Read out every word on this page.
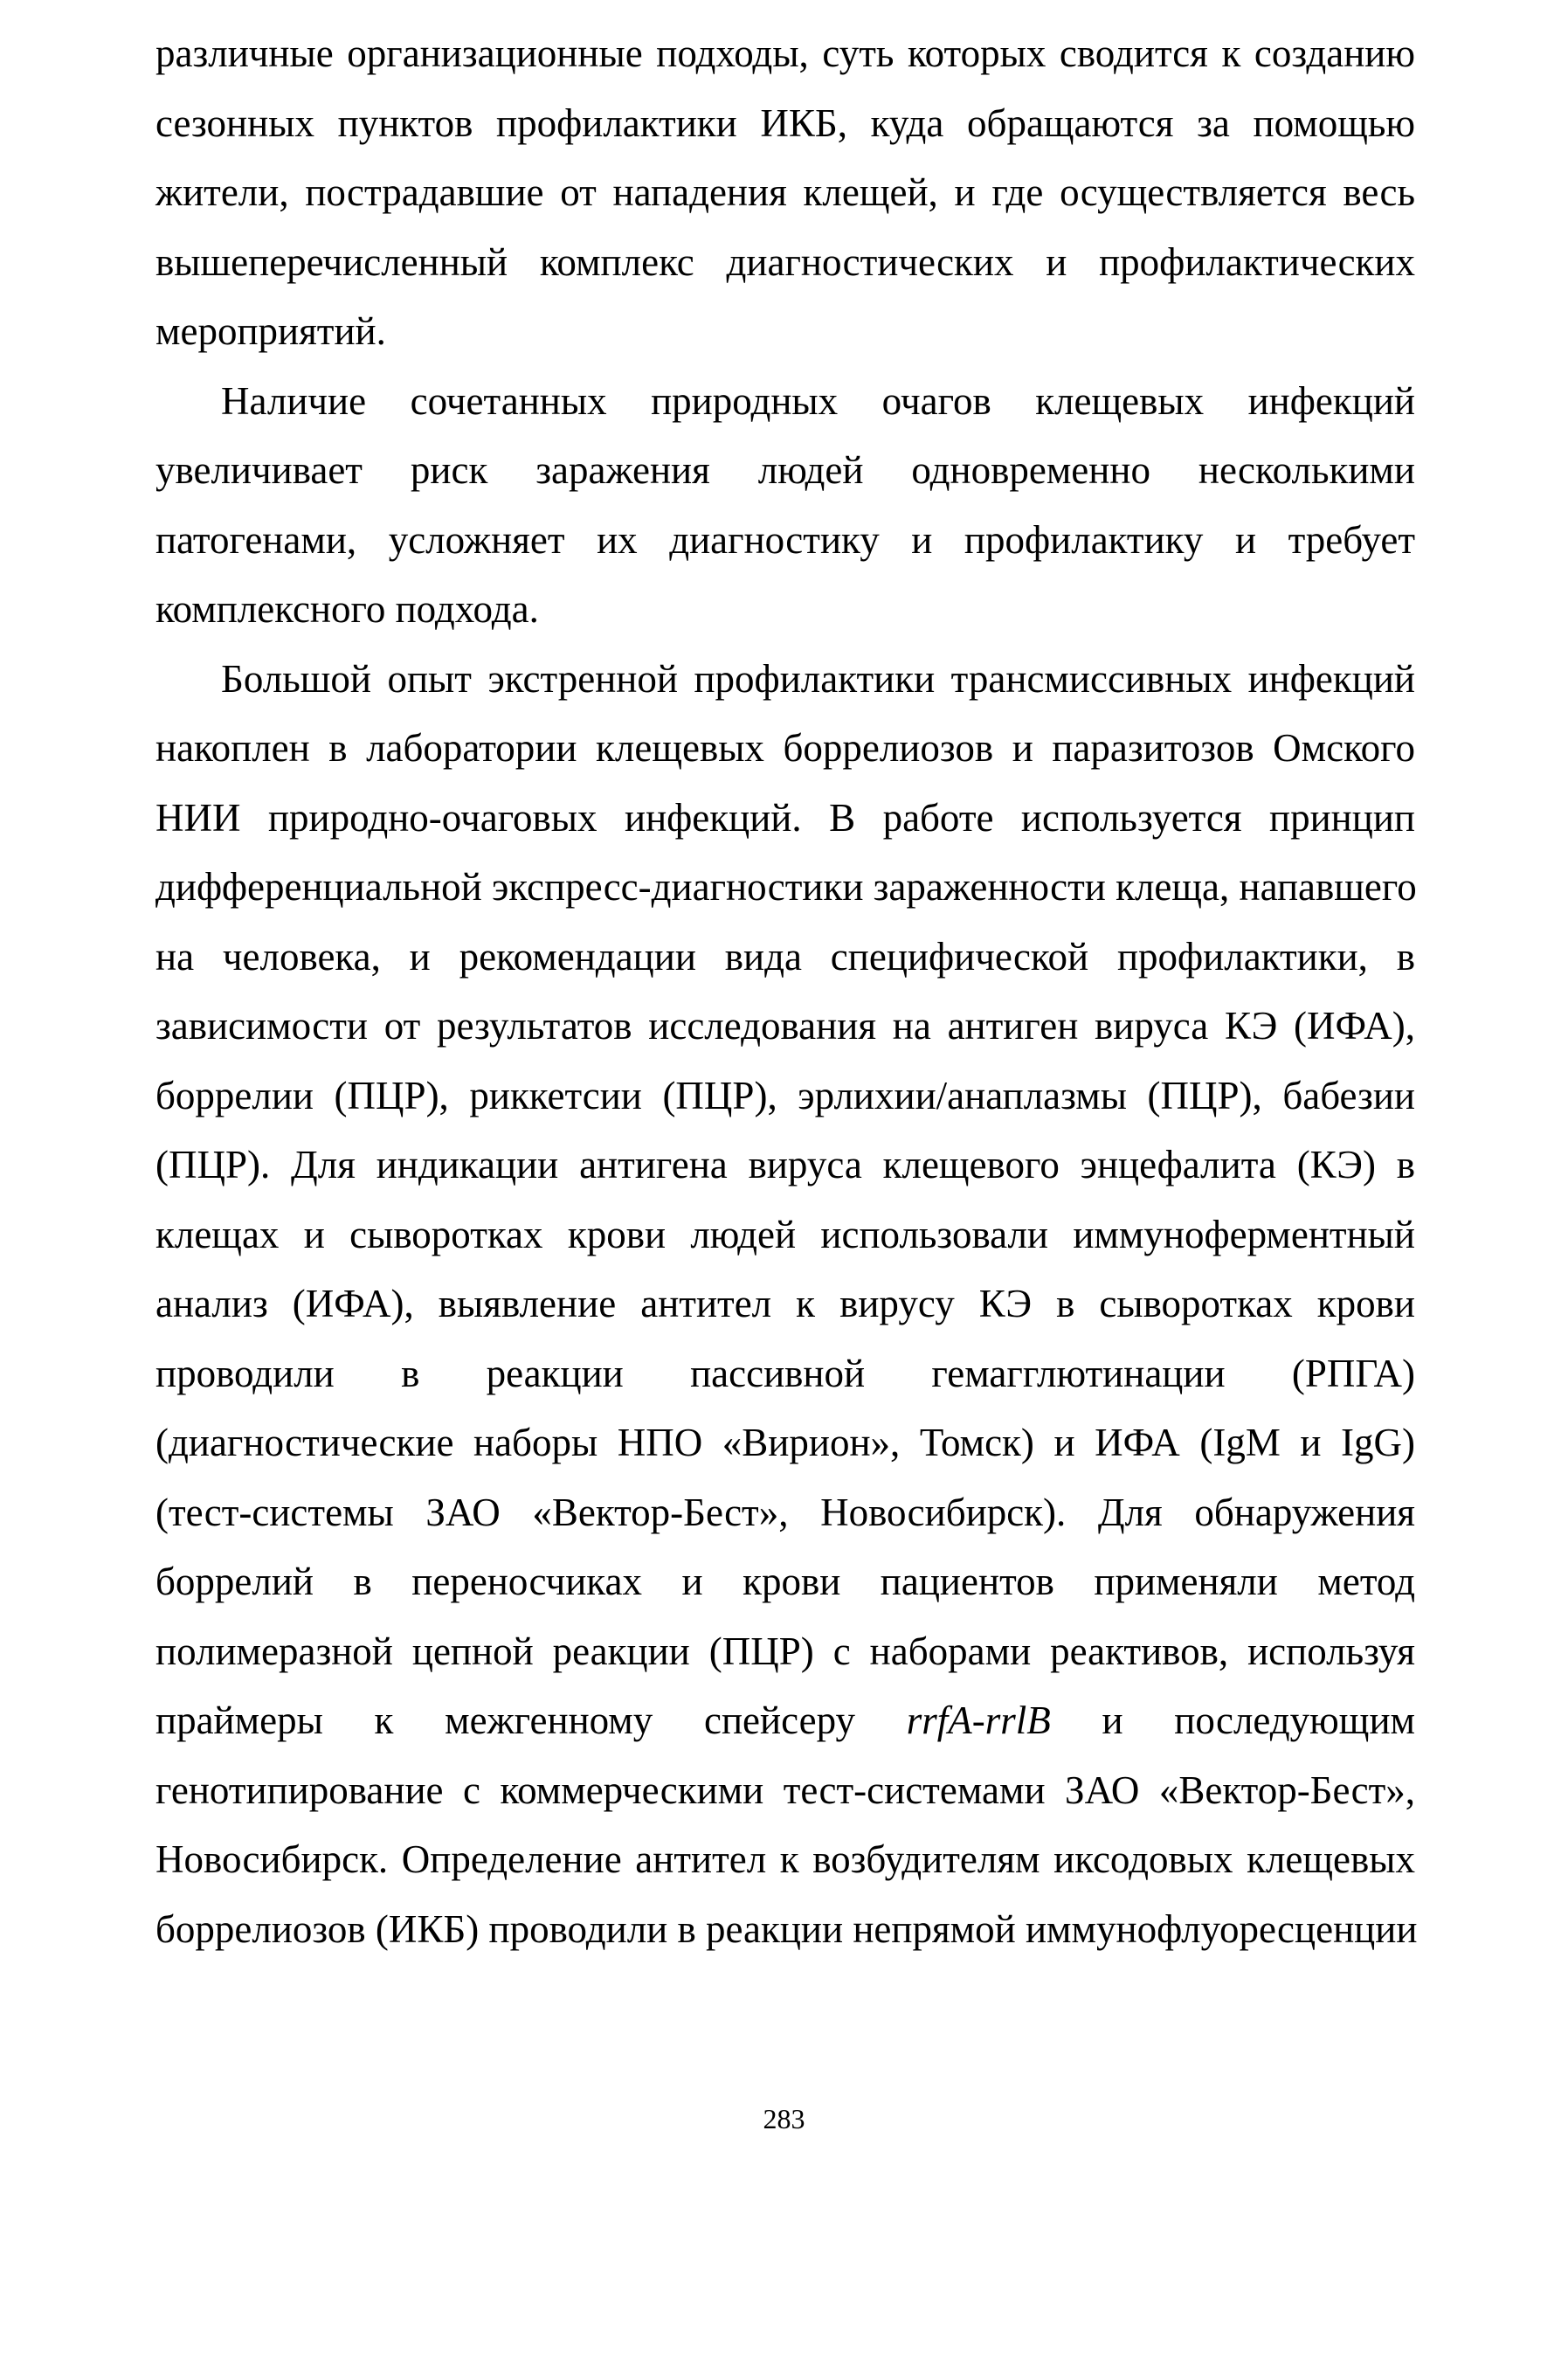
различные организационные подходы, суть которых сводится к созданию
сезонных пунктов профилактики ИКБ, куда обращаются за помощью
жители, пострадавшие от нападения клещей, и где осуществляется весь
вышеперечисленный комплекс диагностических и профилактических
мероприятий.
Наличие сочетанных природных очагов клещевых инфекций
увеличивает риск заражения людей одновременно несколькими
патогенами, усложняет их диагностику и профилактику и требует
комплексного подхода.
Большой опыт экстренной профилактики трансмиссивных инфекций
накоплен в лаборатории клещевых боррелиозов и паразитозов Омского
НИИ природно-очаговых инфекций. В работе используется принцип
дифференциальной экспресс-диагностики зараженности клеща, напавшего
на человека, и рекомендации вида специфической профилактики, в
зависимости от результатов исследования на антиген вируса КЭ (ИФА),
боррелии (ПЦР), риккетсии (ПЦР), эрлихии/анаплазмы (ПЦР), бабезии
(ПЦР). Для индикации антигена вируса клещевого энцефалита (КЭ) в
клещах и сыворотках крови людей использовали иммуноферментный
анализ (ИФА), выявление антител к вирусу КЭ в сыворотках крови
проводили в реакции пассивной гемагглютинации (РПГА)
(диагностические наборы НПО «Вирион», Томск) и ИФА (IgM и IgG)
(тест-системы ЗАО «Вектор-Бест», Новосибирск). Для обнаружения
боррелий в переносчиках и крови пациентов применяли метод
полимеразной цепной реакции (ПЦР) с наборами реактивов, используя
праймеры к межгенному спейсеру rrfA-rrlB и последующим
генотипирование с коммерческими тест-системами ЗАО «Вектор-Бест»,
Новосибирск. Определение антител к возбудителям иксодовых клещевых
боррелиозов (ИКБ) проводили в реакции непрямой иммунофлуоресценции
283
